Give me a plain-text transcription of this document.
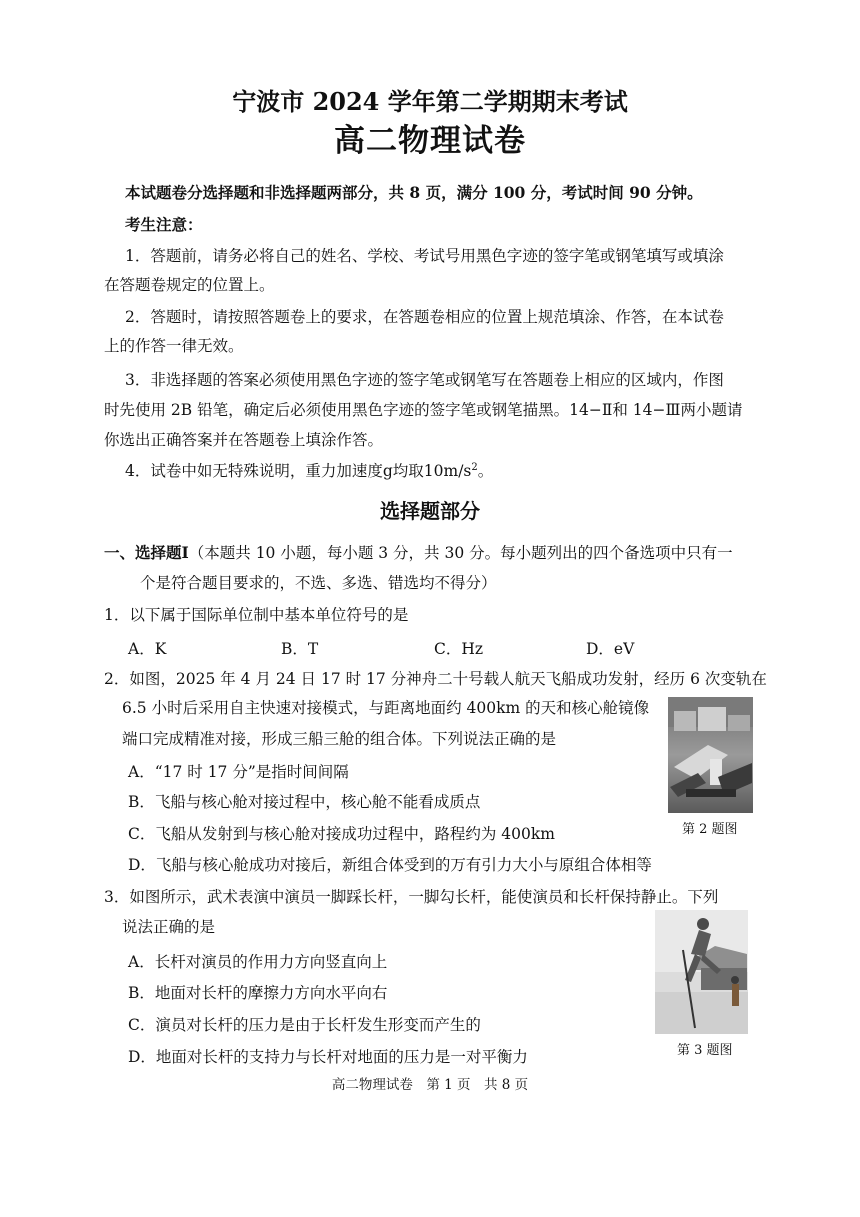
宁波市 2024 学年第二学期期末考试
高二物理试卷
本试题卷分选择题和非选择题两部分，共 8 页，满分 100 分，考试时间 90 分钟。
考生注意：
1．答题前，请务必将自己的姓名、学校、考试号用黑色字迹的签字笔或钢笔填写或填涂
在答题卷规定的位置上。
2．答题时，请按照答题卷上的要求，在答题卷相应的位置上规范填涂、作答，在本试卷
上的作答一律无效。
3．非选择题的答案必须使用黑色字迹的签字笔或钢笔写在答题卷上相应的区域内，作图
时先使用 2B 铅笔，确定后必须使用黑色字迹的签字笔或钢笔描黑。14−Ⅱ和 14−Ⅲ两小题请
你选出正确答案并在答题卷上填涂作答。
4．试卷中如无特殊说明，重力加速度g均取$10m/s^2$。
选择题部分
一、选择题Ⅰ（本题共 10 小题，每小题 3 分，共 30 分。每小题列出的四个备选项中只有一
个是符合题目要求的，不选、多选、错选均不得分）
1．以下属于国际单位制中基本单位符号的是
A．K	B．T	C．Hz	D．eV
2．如图，2025 年 4 月 24 日 17 时 17 分神舟二十号载人航天飞船成功发射，经历 6 次变轨在
6.5 小时后采用自主快速对接模式，与距离地面约 400km 的天和核心舱镜像
端口完成精准对接，形成三船三舱的组合体。下列说法正确的是
A．“17 时 17 分”是指时间间隔
B．飞船与核心舱对接过程中，核心舱不能看成质点
C．飞船从发射到与核心舱对接成功过程中，路程约为 400km
D．飞船与核心舱成功对接后，新组合体受到的万有引力大小与原组合体相等
第 2 题图
3．如图所示，武术表演中演员一脚踩长杆，一脚勾长杆，能使演员和长杆保持静止。下列
说法正确的是
A．长杆对演员的作用力方向竖直向上
B．地面对长杆的摩擦力方向水平向右
C．演员对长杆的压力是由于长杆发生形变而产生的
D．地面对长杆的支持力与长杆对地面的压力是一对平衡力	第 3 题图
高二物理试卷　第 1 页　共 8 页
